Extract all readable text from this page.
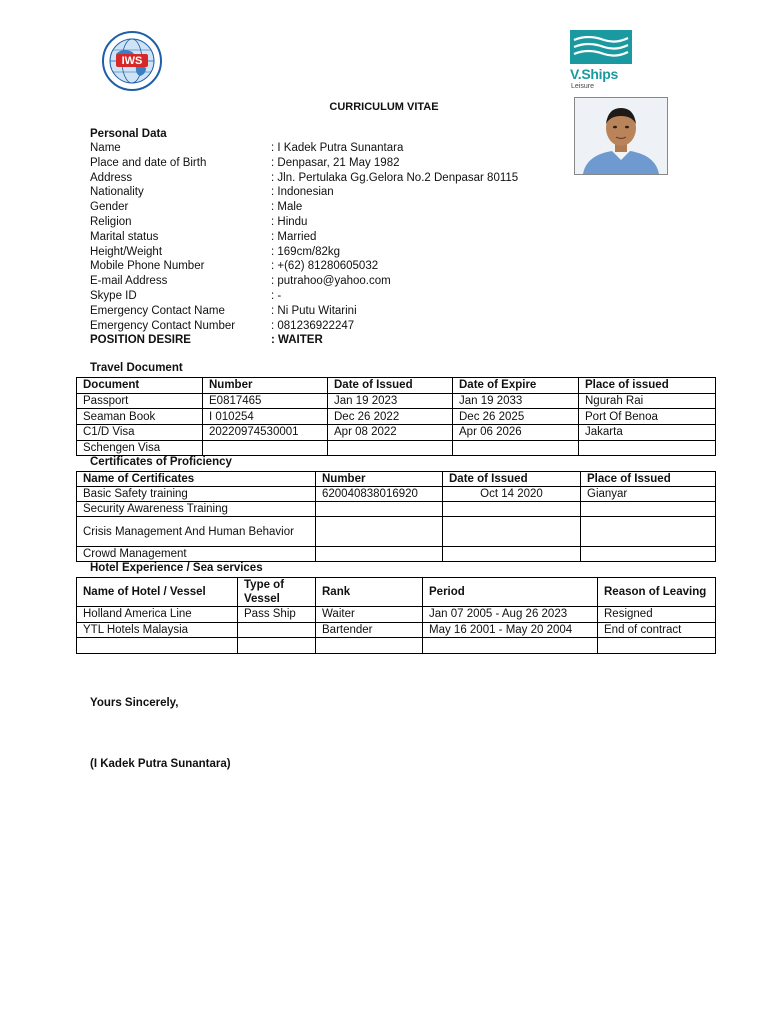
IWS
V.Ships
Leisure
CURRICULUM VITAE
Personal Data
Name	: I Kadek Putra Sunantara
Place and date of Birth	: Denpasar, 21 May 1982
Address	: Jln. Pertulaka Gg.Gelora No.2 Denpasar 80115
Nationality	: Indonesian
Gender	: Male
Religion	: Hindu
Marital status	: Married
Height/Weight	: 169cm/82kg
Mobile Phone Number	: +(62) 81280605032
E-mail Address	: putrahoo@yahoo.com
Skype ID	: -
Emergency Contact Name	: Ni Putu Witarini
Emergency Contact Number	: 081236922247
POSITION DESIRE	: WAITER
Travel Document
Document	Number	Date of Issued	Date of Expire	Place of issued
Passport	E0817465	Jan 19 2023	Jan 19 2033	Ngurah Rai
Seaman Book	I 010254	Dec 26 2022	Dec 26 2025	Port Of Benoa
C1/D Visa	20220974530001	Apr 08 2022	Apr 06 2026	Jakarta
Schengen Visa				
Certificates of Proficiency
Name of Certificates	Number	Date of Issued	Place of Issued
Basic Safety training	620040838016920	Oct 14 2020	Gianyar
Security Awareness Training			
Crisis Management And Human Behavior			
Crowd Management			
Hotel Experience / Sea services
Name of Hotel / Vessel	Type of Vessel	Rank	Period	Reason of Leaving
Holland America Line	Pass Ship	Waiter	Jan 07 2005 - Aug 26 2023	Resigned
YTL Hotels Malaysia		Bartender	May 16 2001 - May 20 2004	End of contract

Yours Sincerely,
(I Kadek Putra Sunantara)
